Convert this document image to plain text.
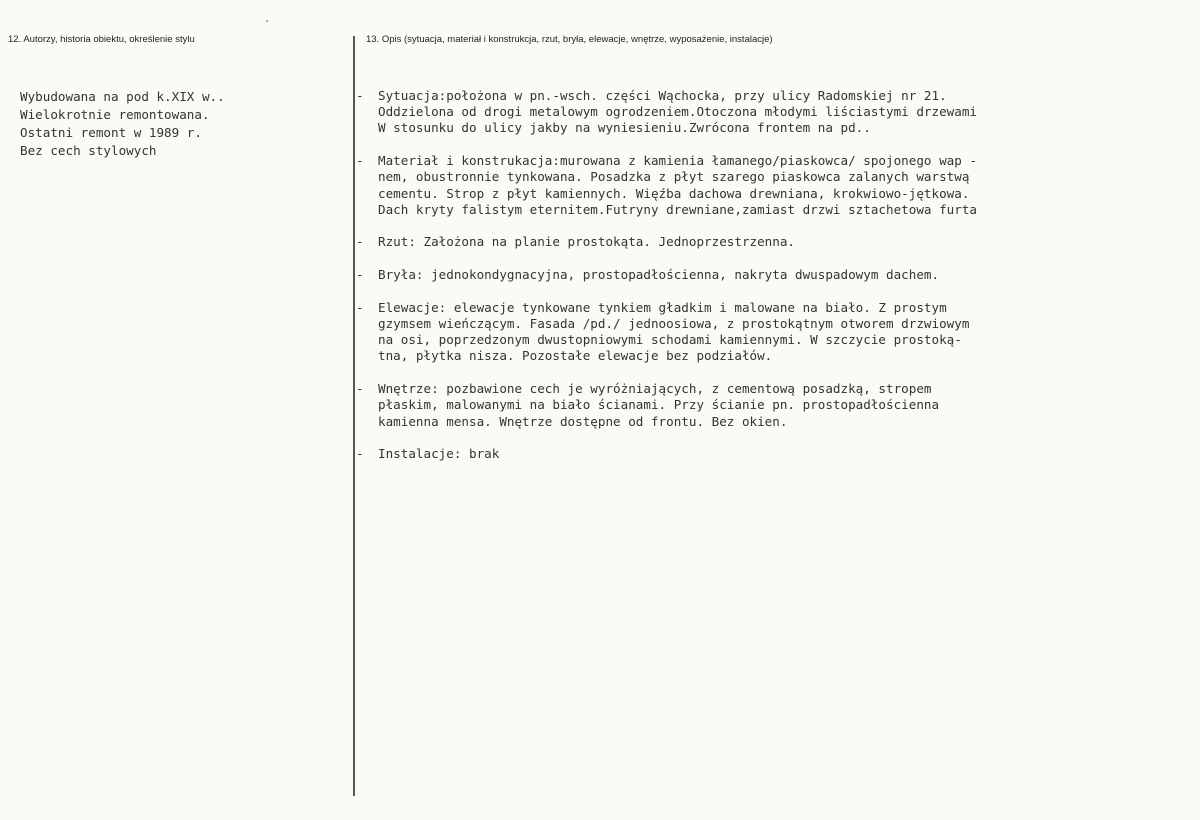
12. Autorzy, historia obiektu, określenie stylu	13. Opis (sytuacja, materiał i konstrukcja, rzut, bryła, elewacje, wnętrze, wyposażenie, instalacje)
Wybudowana na pod k.XIX w..
Wielokrotnie remontowana.
Ostatni remont w 1989 r.
Bez cech stylowych
-	Sytuacja:położona w pn.-wsch. części Wąchocka, przy ulicy Radomskiej nr 21.
Oddzielona od drogi metalowym ogrodzeniem.Otoczona młodymi liściastymi drzewami
W stosunku do ulicy jakby na wyniesieniu.Zwrócona frontem na pd..
-	Materiał i konstrukacja:murowana z kamienia łamanego/piaskowca/ spojonego wap -
nem, obustronnie tynkowana. Posadzka z płyt szarego piaskowca zalanych warstwą
cementu. Strop z płyt kamiennych. Więźba dachowa drewniana, krokwiowo-jętkowa.
Dach kryty falistym eternitem.Futryny drewniane,zamiast drzwi sztachetowa furta
-	Rzut: Założona na planie prostokąta. Jednoprzestrzenna.
-	Bryła: jednokondygnacyjna, prostopadłościenna, nakryta dwuspadowym dachem.
-	Elewacje: elewacje tynkowane tynkiem gładkim i malowane na biało. Z prostym
gzymsem wieńczącym. Fasada /pd./ jednoosiowa, z prostokątnym otworem drzwiowym
na osi, poprzedzonym dwustopniowymi schodami kamiennymi. W szczycie prostoką-
tna, płytka nisza. Pozostałe elewacje bez podziałów.
-	Wnętrze: pozbawione cech je wyróżniających, z cementową posadzką, stropem
płaskim, malowanymi na biało ścianami. Przy ścianie pn. prostopadłościenna
kamienna mensa. Wnętrze dostępne od frontu. Bez okien.
-	Instalacje: brak
